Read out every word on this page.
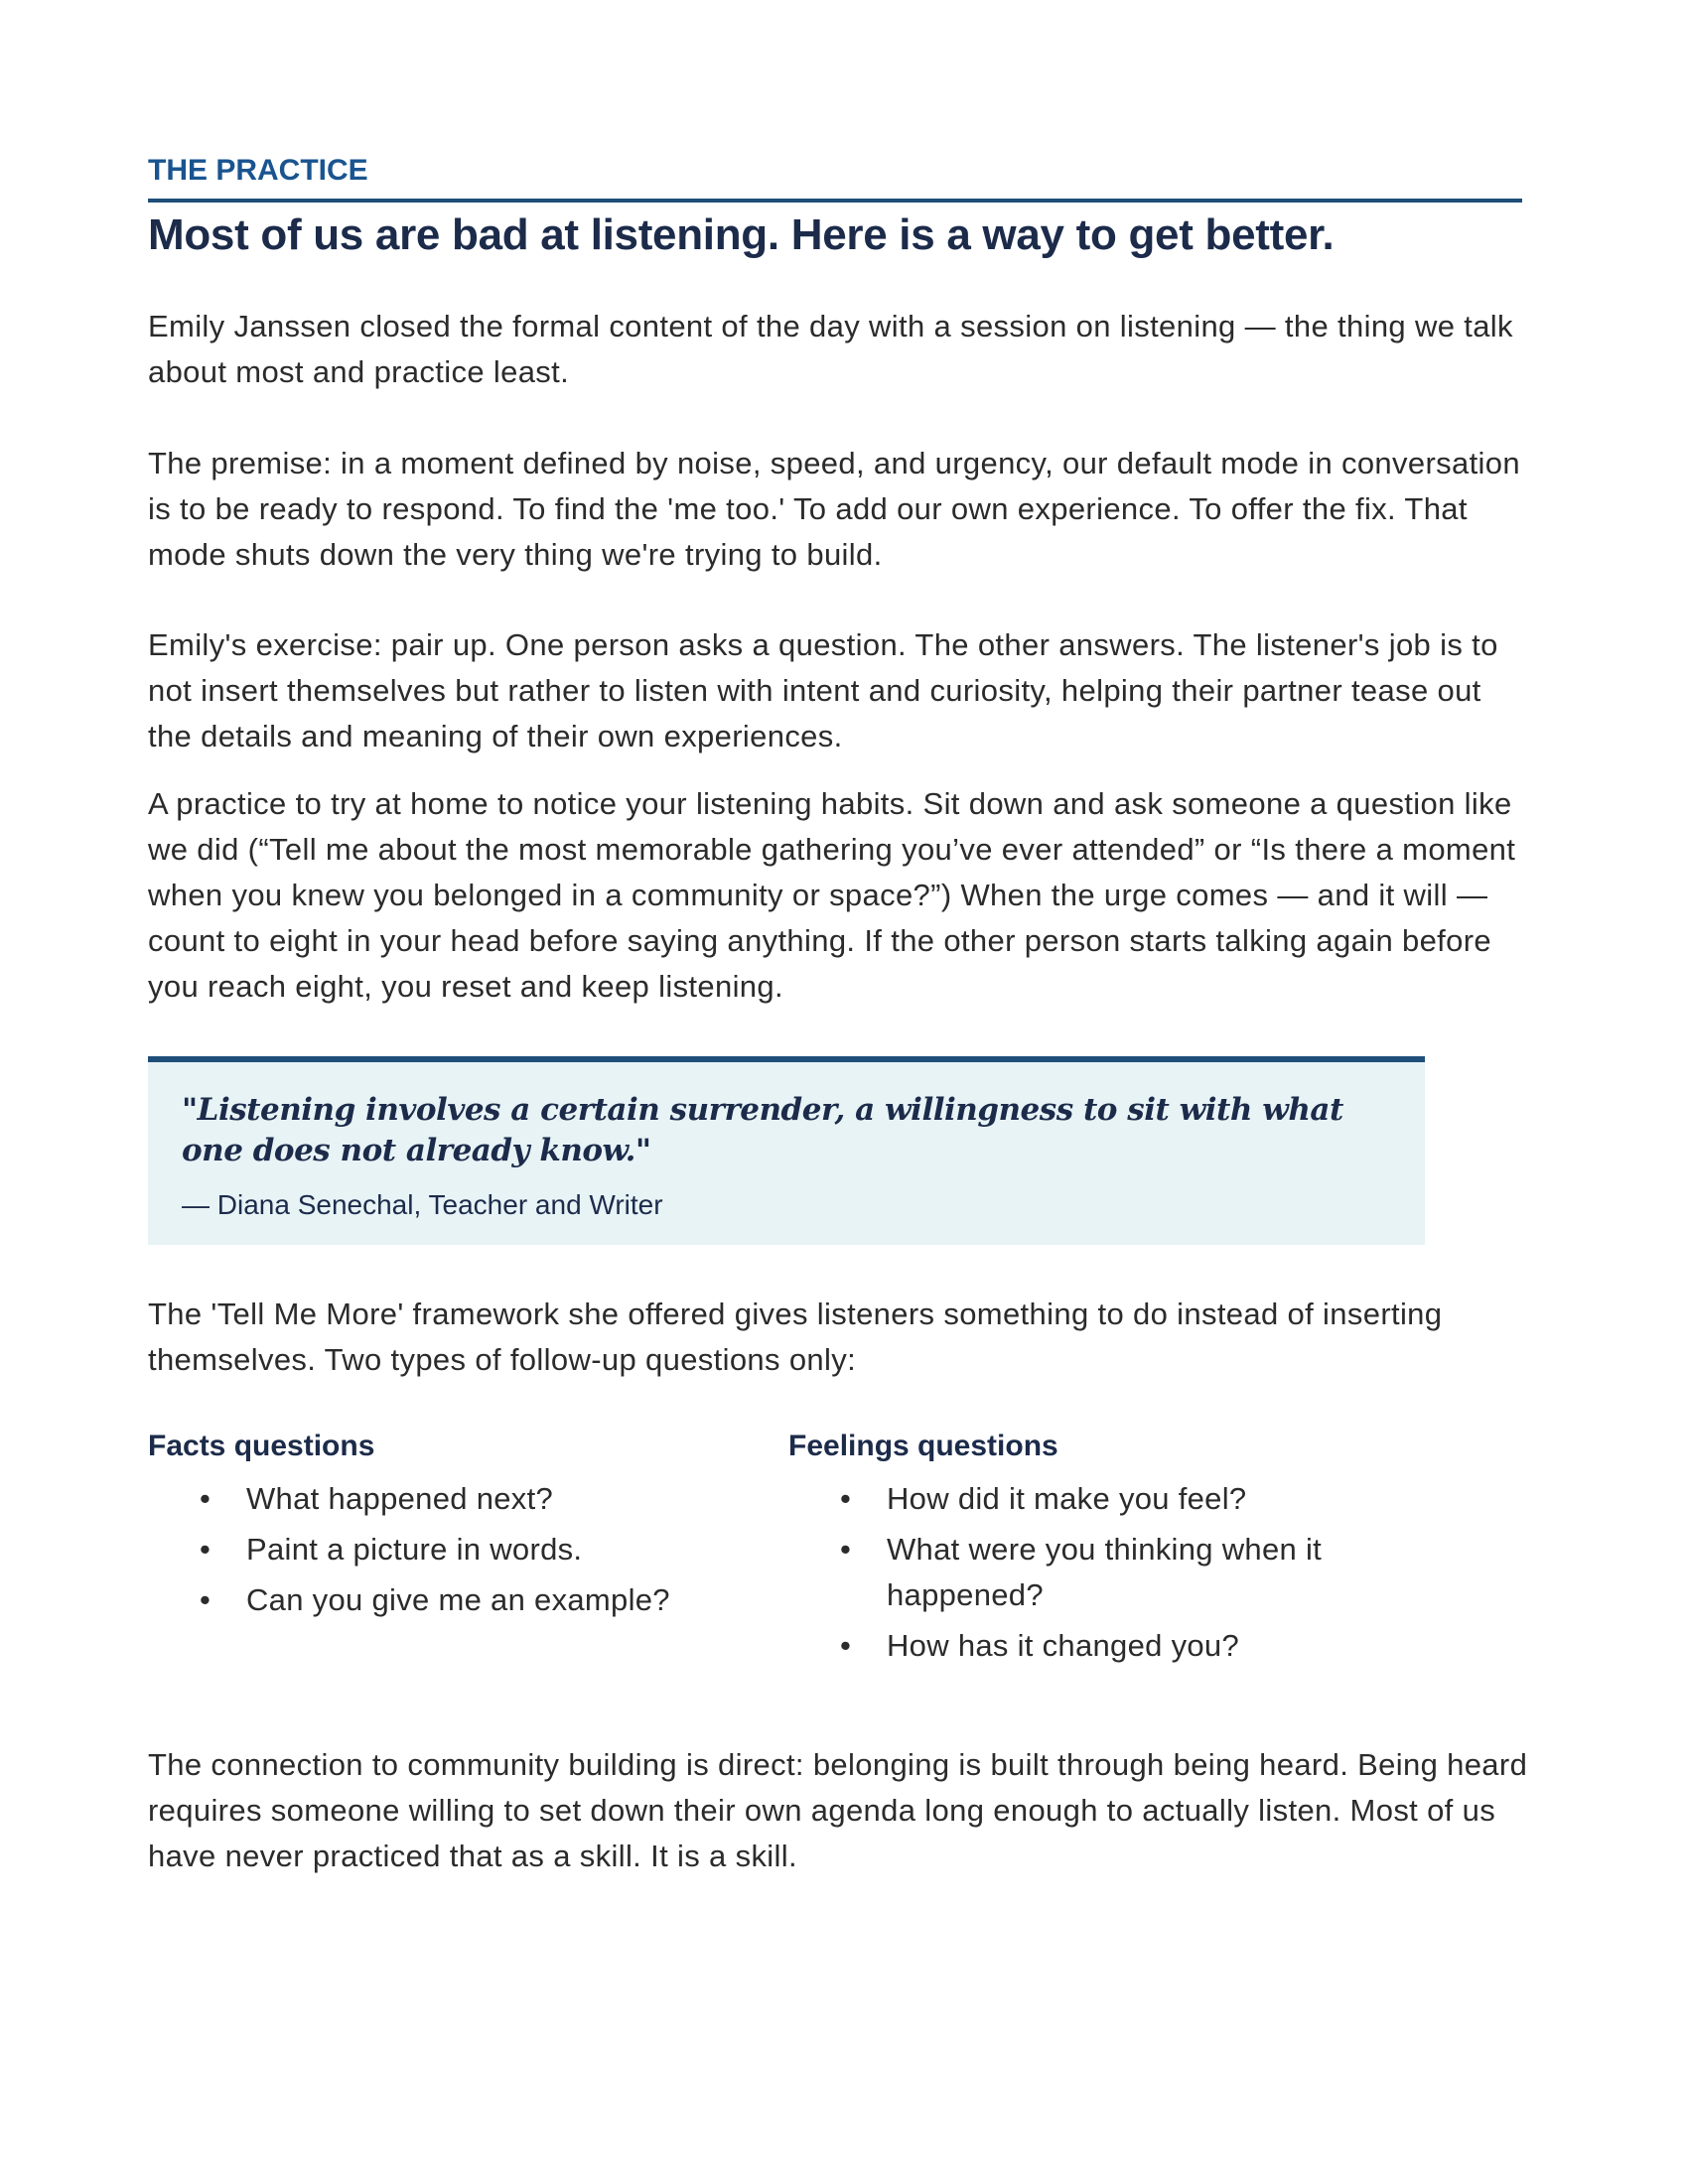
THE PRACTICE
Most of us are bad at listening. Here is a way to get better.

Emily Janssen closed the formal content of the day with a session on listening — the thing we talk about most and practice least.

The premise: in a moment defined by noise, speed, and urgency, our default mode in conversation is to be ready to respond. To find the 'me too.' To add our own experience. To offer the fix. That mode shuts down the very thing we're trying to build.

Emily's exercise: pair up. One person asks a question. The other answers. The listener's job is to not insert themselves but rather to listen with intent and curiosity, helping their partner tease out the details and meaning of their own experiences.

A practice to try at home to notice your listening habits. Sit down and ask someone a question like we did (“Tell me about the most memorable gathering you’ve ever attended” or “Is there a moment when you knew you belonged in a community or space?”) When the urge comes — and it will — count to eight in your head before saying anything. If the other person starts talking again before you reach eight, you reset and keep listening.

"Listening involves a certain surrender, a willingness to sit with what one does not already know."
— Diana Senechal, Teacher and Writer

The 'Tell Me More' framework she offered gives listeners something to do instead of inserting themselves. Two types of follow-up questions only:

Facts questions
• What happened next?
• Paint a picture in words.
• Can you give me an example?
Feelings questions
• How did it make you feel?
• What were you thinking when it happened?
• How has it changed you?

The connection to community building is direct: belonging is built through being heard. Being heard requires someone willing to set down their own agenda long enough to actually listen. Most of us have never practiced that as a skill. It is a skill.
